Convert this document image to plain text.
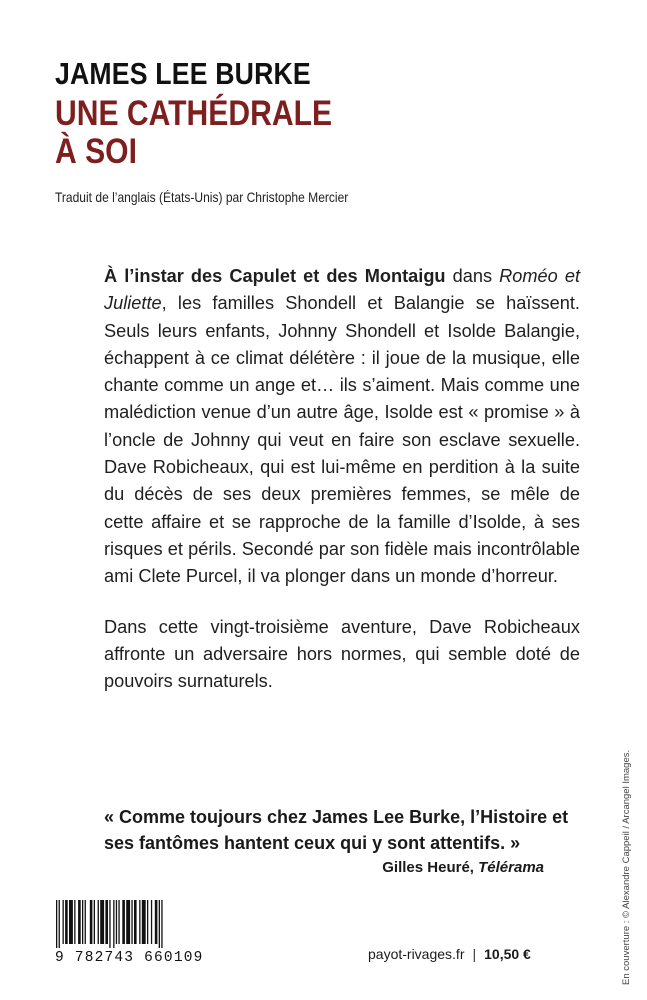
JAMES LEE BURKE
UNE CATHÉDRALE
À SOI

Traduit de l’anglais (États-Unis) par Christophe Mercier

À l’instar des Capulet et des Montaigu dans Roméo et Juliette, les familles Shondell et Balangie se haïssent. Seuls leurs enfants, Johnny Shondell et Isolde Balangie, échappent à ce climat délétère : il joue de la musique, elle chante comme un ange et… ils s’aiment. Mais comme une malédiction venue d’un autre âge, Isolde est « promise » à l’oncle de Johnny qui veut en faire son esclave sexuelle. Dave Robicheaux, qui est lui-même en perdition à la suite du décès de ses deux premières femmes, se mêle de cette affaire et se rapproche de la famille d’Isolde, à ses risques et périls. Secondé par son fidèle mais incontrôlable ami Clete Purcel, il va plonger dans un monde d’horreur.

Dans cette vingt-troisième aventure, Dave Robicheaux affronte un adversaire hors normes, qui semble doté de pouvoirs surnaturels.

« Comme toujours chez James Lee Burke, l’Histoire et ses fantômes hantent ceux qui y sont attentifs. »

Gilles Heuré, Télérama	En couverture : © Alexandre Cappeil / Arcangel Images.
9 782743 660109	payot-rivages.fr | 10,50 €
